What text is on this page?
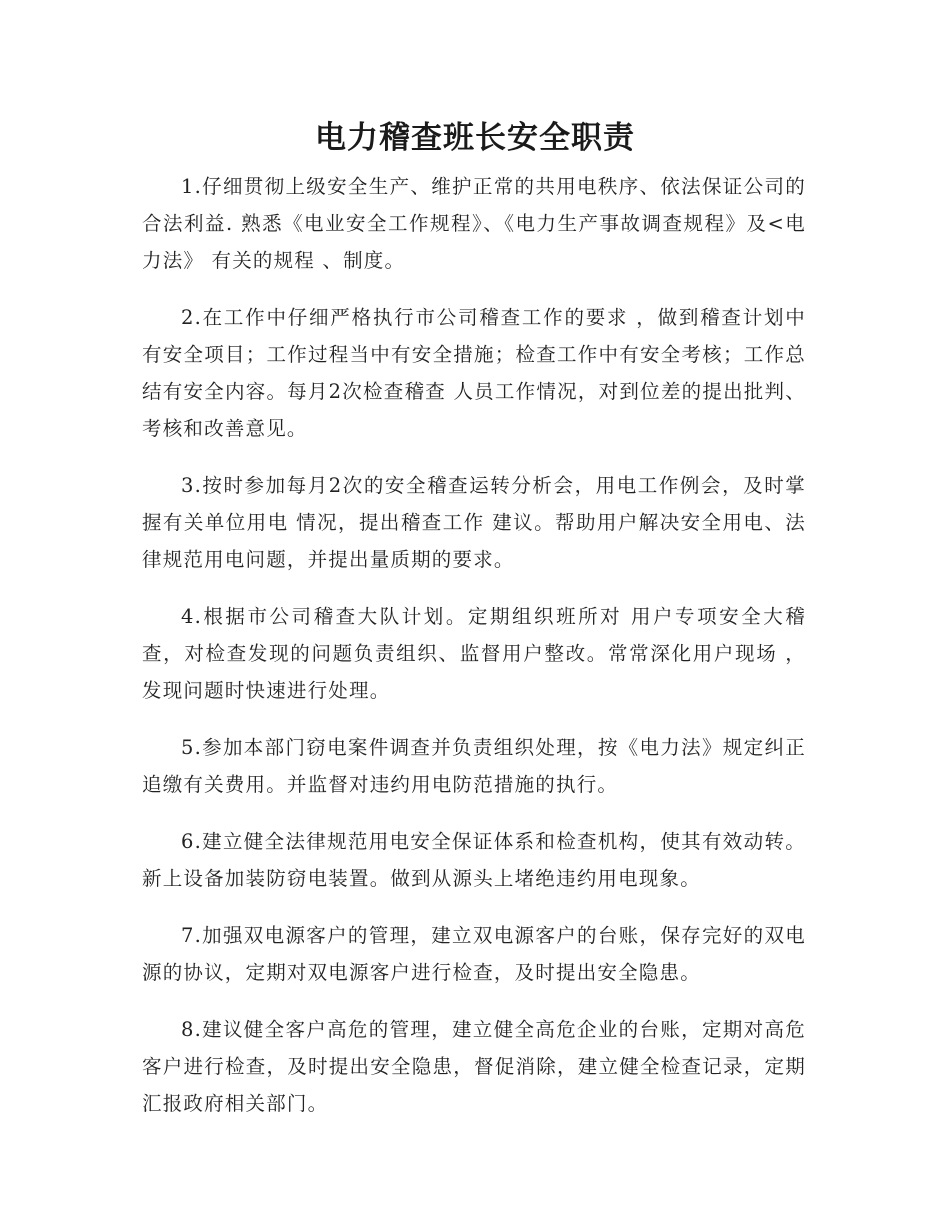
电力稽查班长安全职责

1.仔细贯彻上级安全生产、维护正常的共用电秩序、依法保证公司的合法利益. 熟悉《电业安全工作规程》、《电力生产事故调查规程》及<电力法》 有关的规程 、制度。

2.在工作中仔细严格执行市公司稽查工作的要求 ，做到稽查计划中有安全项目；工作过程当中有安全措施；检查工作中有安全考核；工作总结有安全内容。每月2次检查稽查 人员工作情况，对到位差的提出批判、考核和改善意见。

3.按时参加每月2次的安全稽查运转分析会，用电工作例会，及时掌握有关单位用电 情况，提出稽查工作 建议。帮助用户解决安全用电、法律规范用电问题，并提出量质期的要求。

4.根据市公司稽查大队计划。定期组织班所对 用户专项安全大稽查，对检查发现的问题负责组织、监督用户整改。常常深化用户现场 ，发现问题时快速进行处理。

5.参加本部门窃电案件调查并负责组织处理，按《电力法》规定纠正追缴有关费用。并监督对违约用电防范措施的执行。

6.建立健全法律规范用电安全保证体系和检查机构，使其有效动转。 新上设备加装防窃电装置。做到从源头上堵绝违约用电现象。

7.加强双电源客户的管理，建立双电源客户的台账，保存完好的双电源的协议，定期对双电源客户进行检查，及时提出安全隐患。

8.建议健全客户高危的管理，建立健全高危企业的台账，定期对高危客户进行检查，及时提出安全隐患，督促消除，建立健全检查记录，定期汇报政府相关部门。
